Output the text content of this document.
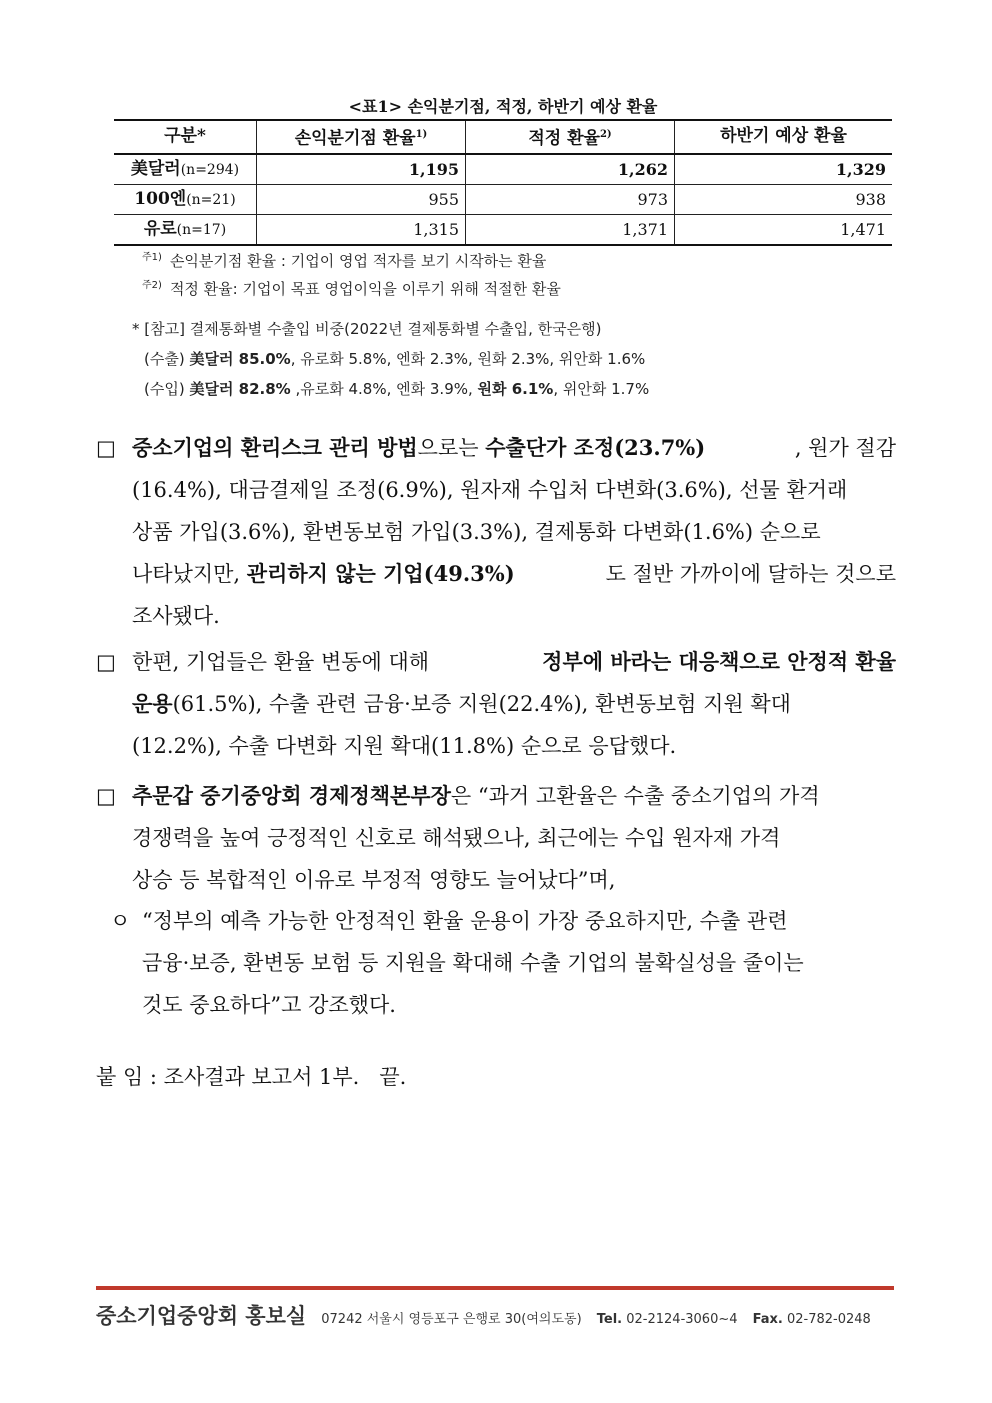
<표1> 손익분기점, 적정, 하반기 예상 환율
구분*	손익분기점 환율$^{1)}$	적정 환율$^{2)}$	하반기 예상 환율
美달러(n=294)	1,195	1,262	1,329
100엔(n=21)	955	973	938
유로(n=17)	1,315	1,371	1,471
$^{주1)}$ 손익분기점 환율 : 기업이 영업 적자를 보기 시작하는 환율
$^{주2)}$ 적정 환율: 기업이 목표 영업이익을 이루기 위해 적절한 환율
* [참고] 결제통화별 수출입 비중(2022년 결제통화별 수출입, 한국은행)
(수출) 美달러 85.0%, 유로화 5.8%, 엔화 2.3%, 원화 2.3%, 위안화 1.6%
(수입) 美달러 82.8% ,유로화 4.8%, 엔화 3.9%, 원화 6.1%, 위안화 1.7%
□ 중소기업의 환리스크 관리 방법으로는 수출단가 조정(23.7%)	, 원가 절감
(16.4%), 대금결제일 조정(6.9%), 원자재 수입처 다변화(3.6%), 선물 환거래
상품 가입(3.6%), 환변동보험 가입(3.3%), 결제통화 다변화(1.6%) 순으로
나타났지만, 관리하지 않는 기업(49.3%)	도 절반 가까이에 달하는 것으로
조사됐다.
□ 한편, 기업들은 환율 변동에 대해	정부에 바라는 대응책으로 안정적 환율
운용(61.5%), 수출 관련 금융·보증 지원(22.4%), 환변동보험 지원 확대
(12.2%), 수출 다변화 지원 확대(11.8%) 순으로 응답했다.
□ 추문갑 중기중앙회 경제정책본부장은 “과거 고환율은 수출 중소기업의 가격
경쟁력을 높여 긍정적인 신호로 해석됐으나, 최근에는 수입 원자재 가격
상승 등 복합적인 이유로 부정적 영향도 늘어났다”며,
ㅇ “정부의 예측 가능한 안정적인 환율 운용이 가장 중요하지만, 수출 관련
금융·보증, 환변동 보험 등 지원을 확대해 수출 기업의 불확실성을 줄이는
것도 중요하다”고 강조했다.
붙 임 : 조사결과 보고서 1부.   끝.
중소기업중앙회 홍보실 07242 서울시 영등포구 은행로 30(여의도동) Tel. 02-2124-3060~4 Fax. 02-782-0248
